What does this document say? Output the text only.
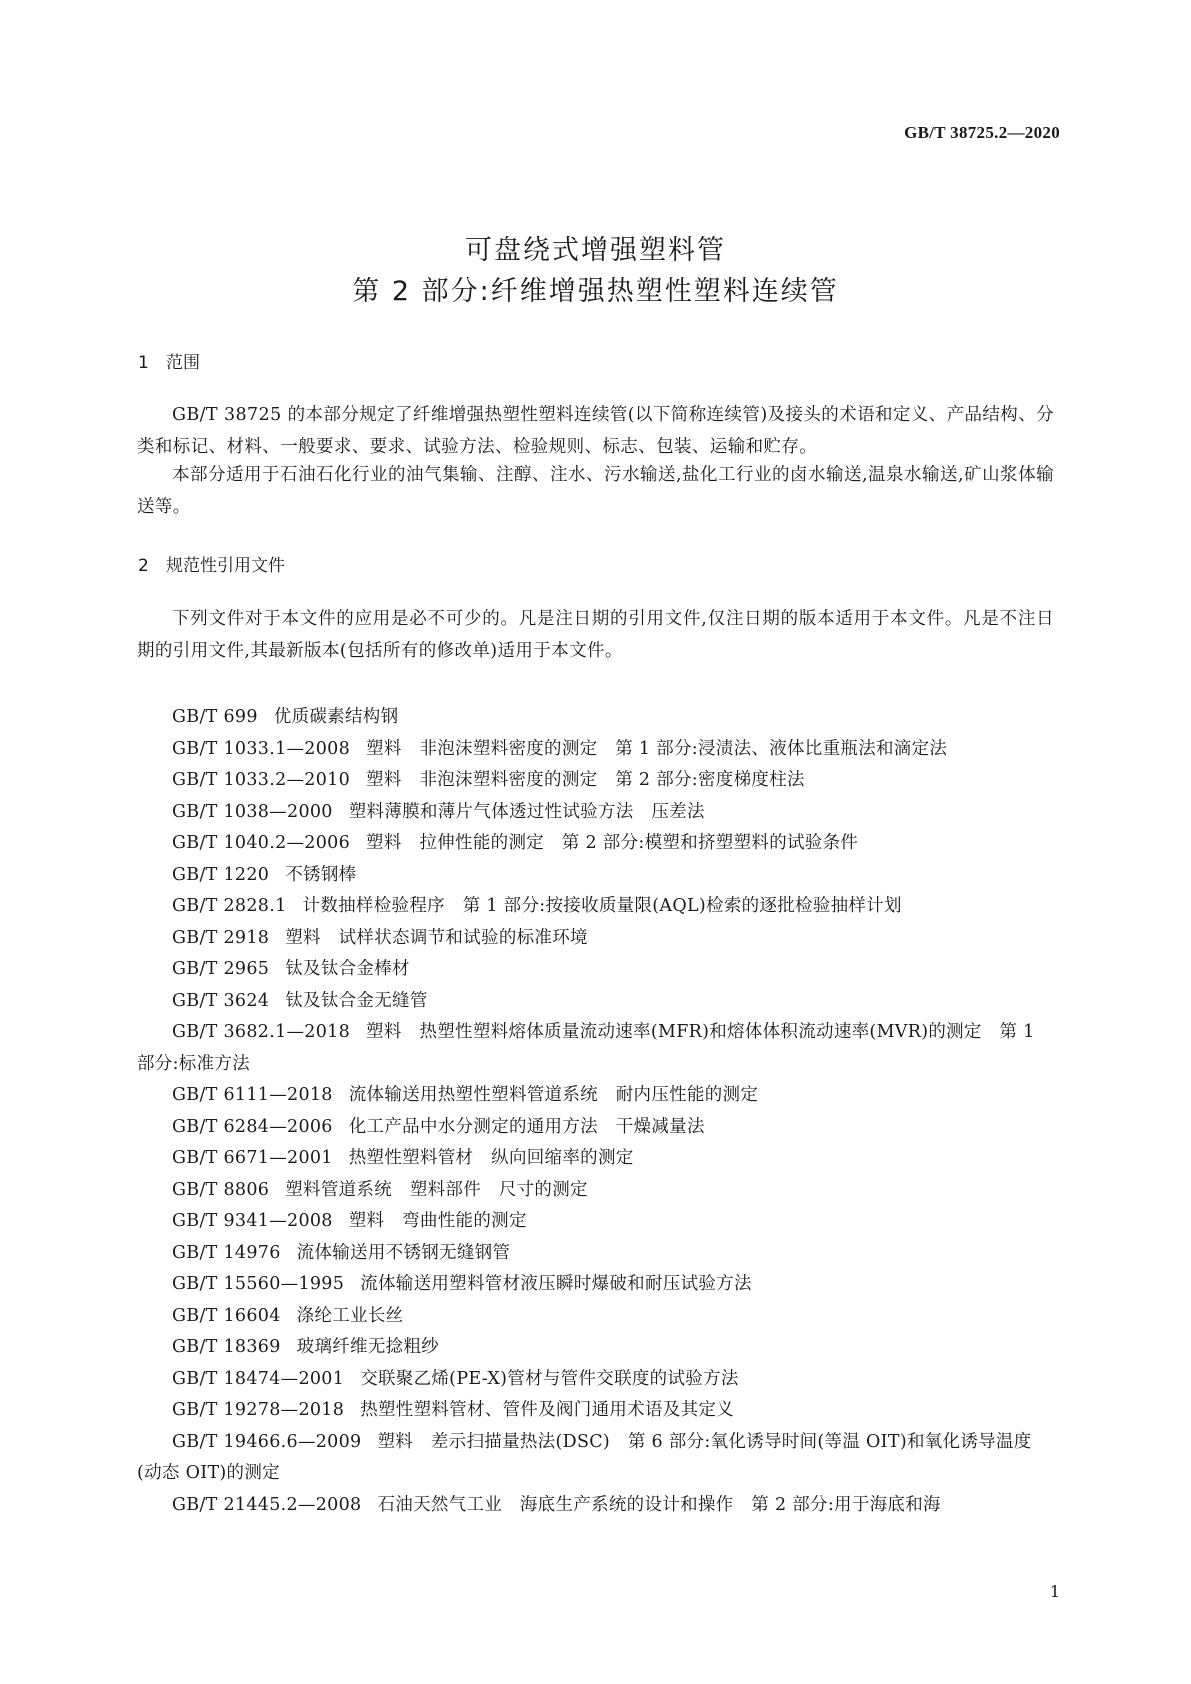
GB/T 38725.2—2020
可盘绕式增强塑料管
第 2 部分:纤维增强热塑性塑料连续管
1 范围

GB/T 38725 的本部分规定了纤维增强热塑性塑料连续管(以下简称连续管)及接头的术语和定义、产品结构、分类和标记、材料、一般要求、要求、试验方法、检验规则、标志、包装、运输和贮存。

本部分适用于石油石化行业的油气集输、注醇、注水、污水输送,盐化工行业的卤水输送,温泉水输送,矿山浆体输送等。

2 规范性引用文件

下列文件对于本文件的应用是必不可少的。凡是注日期的引用文件,仅注日期的版本适用于本文件。凡是不注日期的引用文件,其最新版本(包括所有的修改单)适用于本文件。

GB/T 699 优质碳素结构钢
GB/T 1033.1—2008 塑料　非泡沫塑料密度的测定　第 1 部分:浸渍法、液体比重瓶法和滴定法
GB/T 1033.2—2010 塑料　非泡沫塑料密度的测定　第 2 部分:密度梯度柱法
GB/T 1038—2000 塑料薄膜和薄片气体透过性试验方法　压差法
GB/T 1040.2—2006 塑料　拉伸性能的测定　第 2 部分:模塑和挤塑塑料的试验条件
GB/T 1220 不锈钢棒
GB/T 2828.1 计数抽样检验程序　第 1 部分:按接收质量限(AQL)检索的逐批检验抽样计划
GB/T 2918 塑料　试样状态调节和试验的标准环境
GB/T 2965 钛及钛合金棒材
GB/T 3624 钛及钛合金无缝管
GB/T 3682.1—2018 塑料　热塑性塑料熔体质量流动速率(MFR)和熔体体积流动速率(MVR)的测定　第 1 部分:标准方法
GB/T 6111—2018 流体输送用热塑性塑料管道系统　耐内压性能的测定
GB/T 6284—2006 化工产品中水分测定的通用方法　干燥减量法
GB/T 6671—2001 热塑性塑料管材　纵向回缩率的测定
GB/T 8806 塑料管道系统　塑料部件　尺寸的测定
GB/T 9341—2008 塑料　弯曲性能的测定
GB/T 14976 流体输送用不锈钢无缝钢管
GB/T 15560—1995 流体输送用塑料管材液压瞬时爆破和耐压试验方法
GB/T 16604 涤纶工业长丝
GB/T 18369 玻璃纤维无捻粗纱
GB/T 18474—2001 交联聚乙烯(PE-X)管材与管件交联度的试验方法
GB/T 19278—2018 热塑性塑料管材、管件及阀门通用术语及其定义
GB/T 19466.6—2009 塑料　差示扫描量热法(DSC)　第 6 部分:氧化诱导时间(等温 OIT)和氧化诱导温度(动态 OIT)的测定
GB/T 21445.2—2008 石油天然气工业　海底生产系统的设计和操作　第 2 部分:用于海底和海
1
